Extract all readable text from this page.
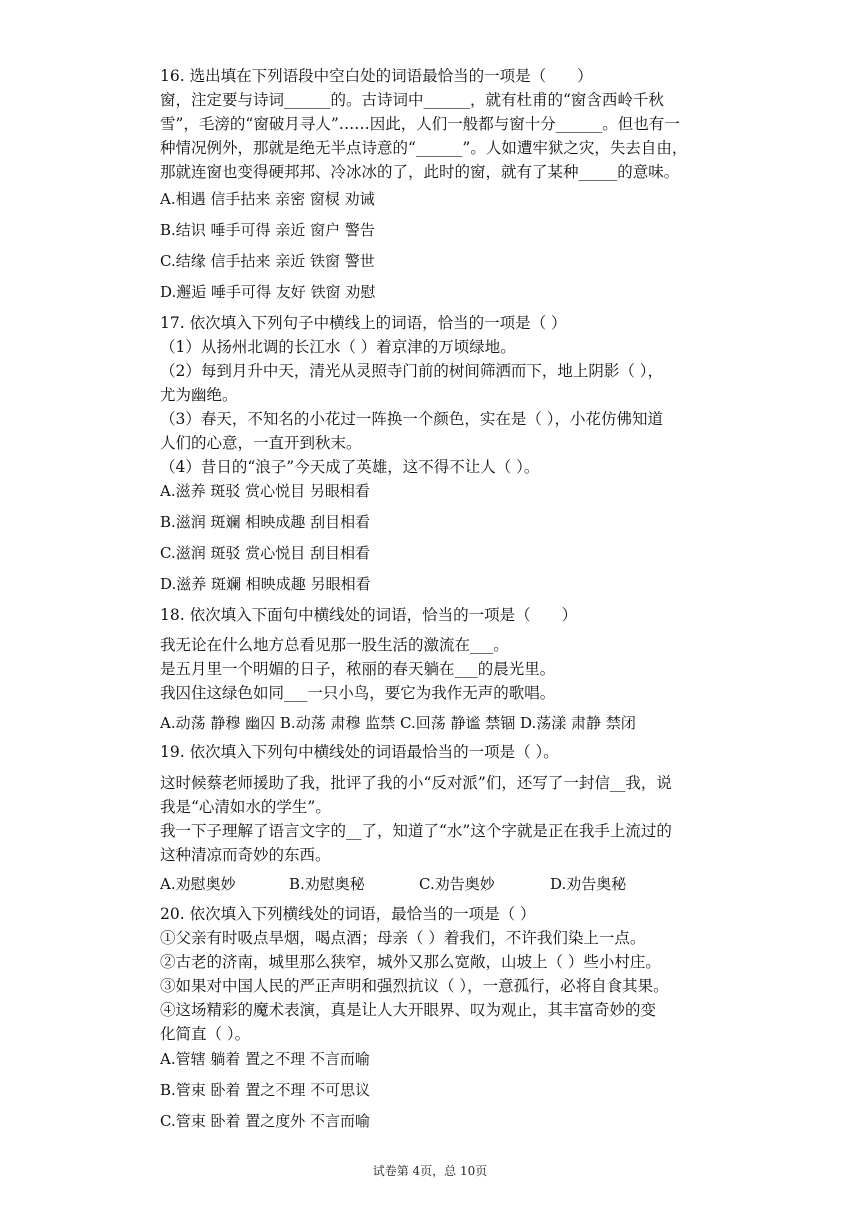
16. 选出填在下列语段中空白处的词语最恰当的一项是（　　）
窗，注定要与诗词______的。古诗词中______，就有杜甫的“窗含西岭千秋
雪”，毛滂的“窗破月寻人”……因此，人们一般都与窗十分______。但也有一
种情况例外，那就是绝无半点诗意的“______”。人如遭牢狱之灾，失去自由，
那就连窗也变得硬邦邦、冷冰冰的了，此时的窗，就有了某种_____的意味。
A.相遇 信手拈来 亲密 窗棂 劝诫
B.结识 唾手可得 亲近 窗户 警告
C.结缘 信手拈来 亲近 铁窗 警世
D.邂逅 唾手可得 友好 铁窗 劝慰
17. 依次填入下列句子中横线上的词语，恰当的一项是（ ）
（1）从扬州北调的长江水（ ）着京津的万顷绿地。
（2）每到月升中天，清光从灵照寺门前的树间筛洒而下，地上阴影（ ），
尤为幽绝。
（3）春天，不知名的小花过一阵换一个颜色，实在是（ ），小花仿佛知道
人们的心意，一直开到秋末。
（4）昔日的“浪子”今天成了英雄，这不得不让人（ ）。
A.滋养 斑驳 赏心悦目 另眼相看
B.滋润 斑斓 相映成趣 刮目相看
C.滋润 斑驳 赏心悦目 刮目相看
D.滋养 斑斓 相映成趣 另眼相看
18. 依次填入下面句中横线处的词语，恰当的一项是（　　）
我无论在什么地方总看见那一股生活的激流在___。
是五月里一个明媚的日子，秾丽的春天躺在___的晨光里。
我囚住这绿色如同___一只小鸟，要它为我作无声的歌唱。
A.动荡 静穆 幽囚 B.动荡 肃穆 监禁 C.回荡 静谧 禁锢 D.荡漾 肃静 禁闭
19. 依次填入下列句中横线处的词语最恰当的一项是（ ）。
这时候蔡老师援助了我，批评了我的小“反对派”们，还写了一封信__我，说
我是“心清如水的学生”。
我一下子理解了语言文字的__了，知道了“水”这个字就是正在我手上流过的
这种清凉而奇妙的东西。
A.劝慰奥妙	B.劝慰奥秘	C.劝告奥妙	D.劝告奥秘
20. 依次填入下列横线处的词语，最恰当的一项是（ ）
①父亲有时吸点旱烟，喝点酒；母亲（ ）着我们，不许我们染上一点。
②古老的济南，城里那么狭窄，城外又那么宽敞，山坡上（ ）些小村庄。
③如果对中国人民的严正声明和强烈抗议（ ），一意孤行，必将自食其果。
④这场精彩的魔术表演，真是让人大开眼界、叹为观止，其丰富奇妙的变
化简直（ ）。
A.管辖 躺着 置之不理 不言而喻
B.管束 卧着 置之不理 不可思议
C.管束 卧着 置之度外 不言而喻
试卷第 4页，总 10页
